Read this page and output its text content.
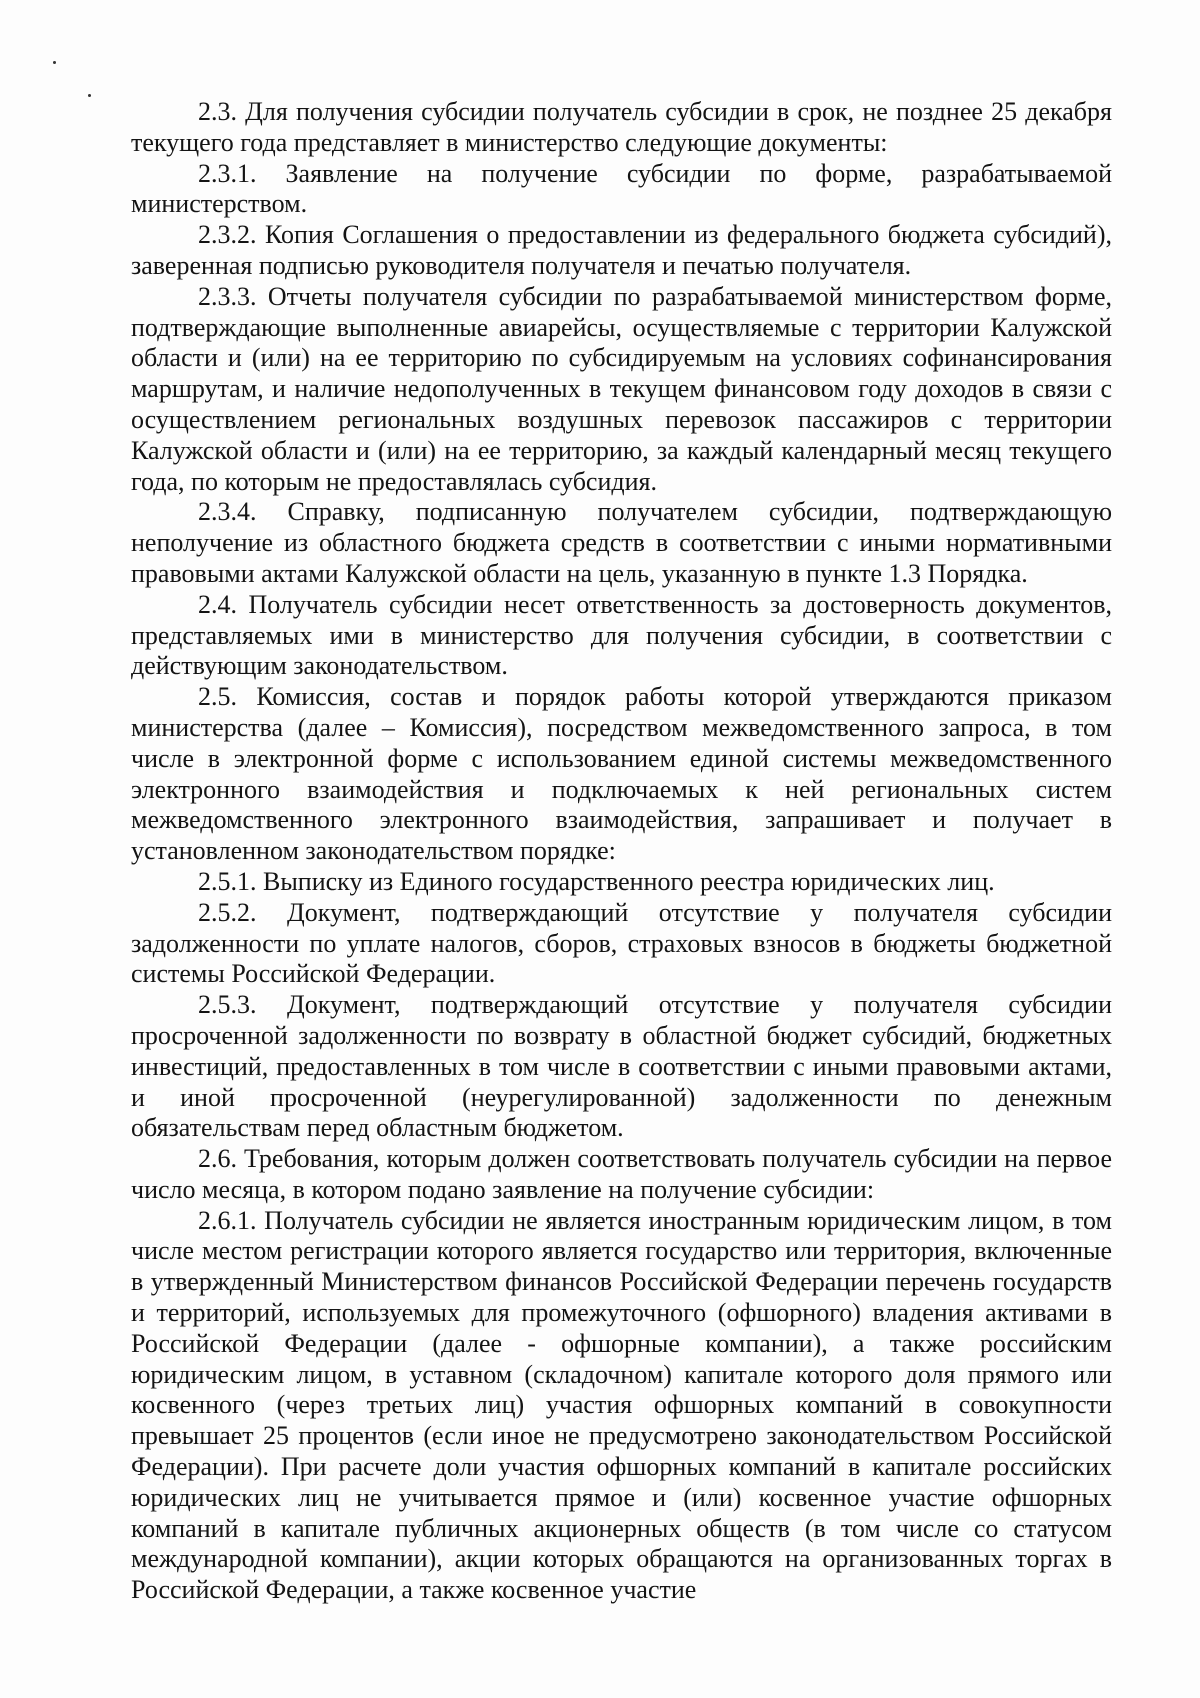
2.3. Для получения субсидии получатель субсидии в срок, не позднее 25 декабря текущего года представляет в министерство следующие документы:

2.3.1. Заявление на получение субсидии по форме, разрабатываемой министерством.

2.3.2. Копия Соглашения о предоставлении из федерального бюджета субсидий), заверенная подписью руководителя получателя и печатью получателя.

2.3.3. Отчеты получателя субсидии по разрабатываемой министерством форме, подтверждающие выполненные авиарейсы, осуществляемые с территории Калужской области и (или) на ее территорию по субсидируемым на условиях софинансирования маршрутам, и наличие недополученных в текущем финансовом году доходов в связи с осуществлением региональных воздушных перевозок пассажиров с территории Калужской области и (или) на ее территорию, за каждый календарный месяц текущего года, по которым не предоставлялась субсидия.

2.3.4. Справку, подписанную получателем субсидии, подтверждающую неполучение из областного бюджета средств в соответствии с иными нормативными правовыми актами Калужской области на цель, указанную в пункте 1.3 Порядка.

2.4. Получатель субсидии несет ответственность за достоверность документов, представляемых ими в министерство для получения субсидии, в соответствии с действующим законодательством.

2.5. Комиссия, состав и порядок работы которой утверждаются приказом министерства (далее – Комиссия), посредством межведомственного запроса, в том числе в электронной форме с использованием единой системы межведомственного электронного взаимодействия и подключаемых к ней региональных систем межведомственного электронного взаимодействия, запрашивает и получает в установленном законодательством порядке:

2.5.1. Выписку из Единого государственного реестра юридических лиц.

2.5.2. Документ, подтверждающий отсутствие у получателя субсидии задолженности по уплате налогов, сборов, страховых взносов в бюджеты бюджетной системы Российской Федерации.

2.5.3. Документ, подтверждающий отсутствие у получателя субсидии просроченной задолженности по возврату в областной бюджет субсидий, бюджетных инвестиций, предоставленных в том числе в соответствии с иными правовыми актами, и иной просроченной (неурегулированной) задолженности по денежным обязательствам перед областным бюджетом.

2.6. Требования, которым должен соответствовать получатель субсидии на первое число месяца, в котором подано заявление на получение субсидии:

2.6.1. Получатель субсидии не является иностранным юридическим лицом, в том числе местом регистрации которого является государство или территория, включенные в утвержденный Министерством финансов Российской Федерации перечень государств и территорий, используемых для промежуточного (офшорного) владения активами в Российской Федерации (далее - офшорные компании), а также российским юридическим лицом, в уставном (складочном) капитале которого доля прямого или косвенного (через третьих лиц) участия офшорных компаний в совокупности превышает 25 процентов (если иное не предусмотрено законодательством Российской Федерации). При расчете доли участия офшорных компаний в капитале российских юридических лиц не учитывается прямое и (или) косвенное участие офшорных компаний в капитале публичных акционерных обществ (в том числе со статусом международной компании), акции которых обращаются на организованных торгах в Российской Федерации, а также косвенное участие
